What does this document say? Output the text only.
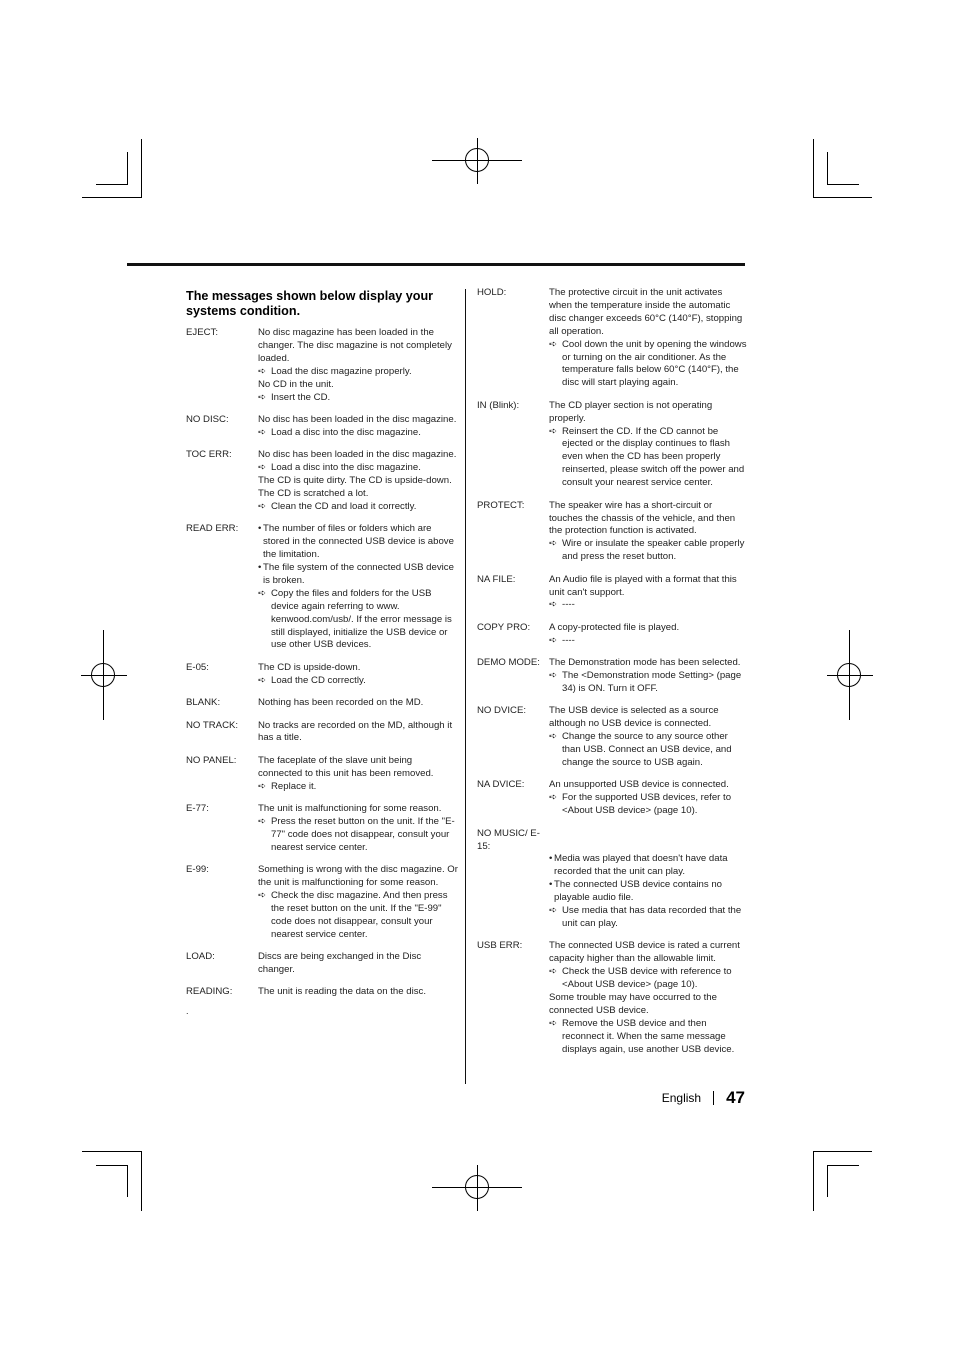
The messages shown below display your systems condition.
EJECT:	No disc magazine has been loaded in the changer. The disc magazine is not completely loaded.
➪ Load the disc magazine properly.
No CD in the unit.
➪ Insert the CD.
NO DISC:	No disc has been loaded in the disc magazine.
➪ Load a disc into the disc magazine.
TOC ERR:	No disc has been loaded in the disc magazine.
➪ Load a disc into the disc magazine.
The CD is quite dirty. The CD is upside-down. The CD is scratched a lot.
➪ Clean the CD and load it correctly.
READ ERR:	• The number of files or folders which are stored in the connected USB device is above the limitation.
• The file system of the connected USB device is broken.
➪ Copy the files and folders for the USB device again referring to www. kenwood.com/usb/. If the error message is still displayed, initialize the USB device or use other USB devices.
E-05:	The CD is upside-down.
➪ Load the CD correctly.
BLANK:	Nothing has been recorded on the MD.
NO TRACK:	No tracks are recorded on the MD, although it has a title.
NO PANEL:	The faceplate of the slave unit being connected to this unit has been removed.
➪ Replace it.
E-77:	The unit is malfunctioning for some reason.
➪ Press the reset button on the unit. If the "E-77" code does not disappear, consult your nearest service center.
E-99:	Something is wrong with the disc magazine. Or the unit is malfunctioning for some reason.
➪ Check the disc magazine. And then press the reset button on the unit. If the "E-99" code does not disappear, consult your nearest service center.
LOAD:	Discs are being exchanged in the Disc changer.
READING:	The unit is reading the data on the disc.
.
HOLD:	The protective circuit in the unit activates when the temperature inside the automatic disc changer exceeds 60°C (140°F), stopping all operation.
➪ Cool down the unit by opening the windows or turning on the air conditioner. As the temperature falls below 60°C (140°F), the disc will start playing again.
IN (Blink):	The CD player section is not operating properly.
➪ Reinsert the CD. If the CD cannot be ejected or the display continues to flash even when the CD has been properly reinserted, please switch off the power and consult your nearest service center.
PROTECT:	The speaker wire has a short-circuit or touches the chassis of the vehicle, and then the protection function is activated.
➪ Wire or insulate the speaker cable properly and press the reset button.
NA FILE:	An Audio file is played with a format that this unit can't support.
➪ ----
COPY PRO:	A copy-protected file is played.
➪ ----
DEMO MODE: The Demonstration mode has been selected.
➪ The <Demonstration mode Setting> (page 34) is ON. Turn it OFF.
NO DVICE:	The USB device is selected as a source although no USB device is connected.
➪ Change the source to any source other than USB. Connect an USB device, and change the source to USB again.
NA DVICE:	An unsupported USB device is connected.
➪ For the supported USB devices, refer to <About USB device> (page 10).
NO MUSIC/ E-15:
• Media was played that doesn't have data recorded that the unit can play.
• The connected USB device contains no playable audio file.
➪ Use media that has data recorded that the unit can play.
USB ERR:	The connected USB device is rated a current capacity higher than the allowable limit.
➪ Check the USB device with reference to <About USB device> (page 10).
Some trouble may have occurred to the connected USB device.
➪ Remove the USB device and then reconnect it. When the same message displays again, use another USB device.
English 47
